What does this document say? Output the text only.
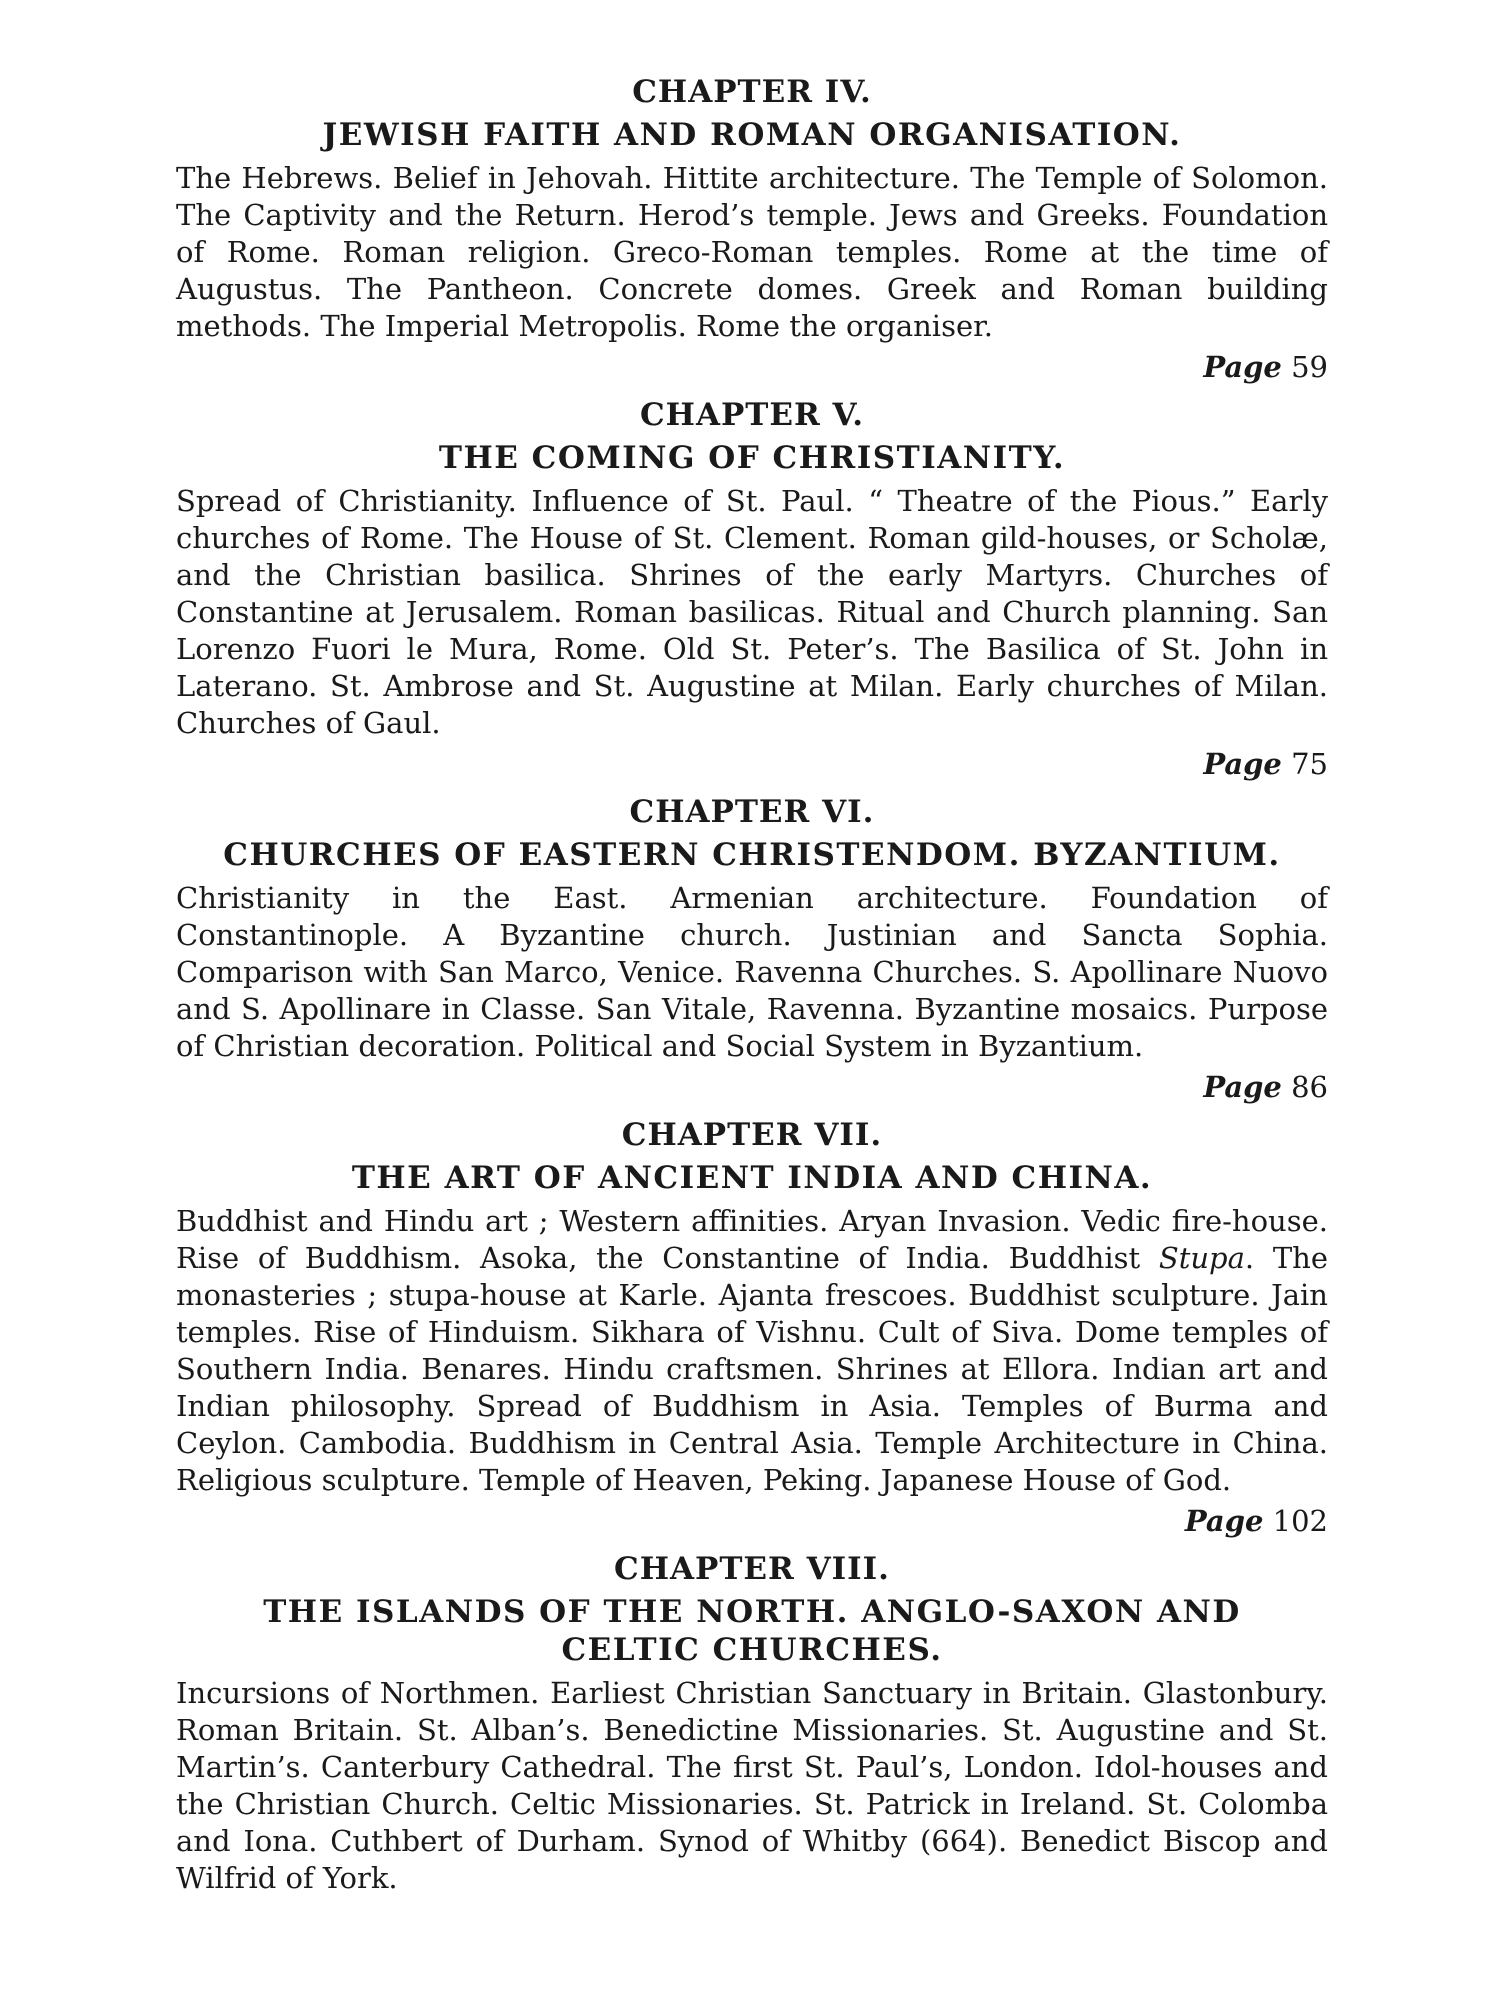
CHAPTER IV.
JEWISH FAITH AND ROMAN ORGANISATION.

The Hebrews. Belief in Jehovah. Hittite architecture. The Temple of Solomon. The Captivity and the Return. Herod’s temple. Jews and Greeks. Foundation of Rome. Roman religion. Greco-Roman temples. Rome at the time of Augustus. The Pantheon. Concrete domes. Greek and Roman building methods. The Imperial Metropolis. Rome the organiser.

Page 59
CHAPTER V.
THE COMING OF CHRISTIANITY.

Spread of Christianity. Influence of St. Paul. “ Theatre of the Pious.” Early churches of Rome. The House of St. Clement. Roman gild-houses, or Scholæ, and the Christian basilica. Shrines of the early Martyrs. Churches of Constantine at Jerusalem. Roman basilicas. Ritual and Church planning. San Lorenzo Fuori le Mura, Rome. Old St. Peter’s. The Basilica of St. John in Laterano. St. Ambrose and St. Augustine at Milan. Early churches of Milan. Churches of Gaul.

Page 75
CHAPTER VI.
CHURCHES OF EASTERN CHRISTENDOM. BYZANTIUM.

Christianity in the East. Armenian architecture. Foundation of Constantinople. A Byzantine church. Justinian and Sancta Sophia. Comparison with San Marco, Venice. Ravenna Churches. S. Apollinare Nuovo and S. Apollinare in Classe. San Vitale, Ravenna. Byzantine mosaics. Purpose of Christian decoration. Political and Social System in Byzantium.

Page 86
CHAPTER VII.
THE ART OF ANCIENT INDIA AND CHINA.

Buddhist and Hindu art ; Western affinities. Aryan Invasion. Vedic fire-house. Rise of Buddhism. Asoka, the Constantine of India. Buddhist Stupa. The monasteries ; stupa-house at Karle. Ajanta frescoes. Buddhist sculpture. Jain temples. Rise of Hinduism. Sikhara of Vishnu. Cult of Siva. Dome temples of Southern India. Benares. Hindu craftsmen. Shrines at Ellora. Indian art and Indian philosophy. Spread of Buddhism in Asia. Temples of Burma and Ceylon. Cambodia. Buddhism in Central Asia. Temple Architecture in China. Religious sculpture. Temple of Heaven, Peking. Japanese House of God.

Page 102
CHAPTER VIII.
THE ISLANDS OF THE NORTH. ANGLO-SAXON AND
CELTIC CHURCHES.

Incursions of Northmen. Earliest Christian Sanctuary in Britain. Glastonbury. Roman Britain. St. Alban’s. Benedictine Missionaries. St. Augustine and St. Martin’s. Canterbury Cathedral. The first St. Paul’s, London. Idol-houses and the Christian Church. Celtic Missionaries. St. Patrick in Ireland. St. Colomba and Iona. Cuthbert of Durham. Synod of Whitby (664). Benedict Biscop and Wilfrid of York.
